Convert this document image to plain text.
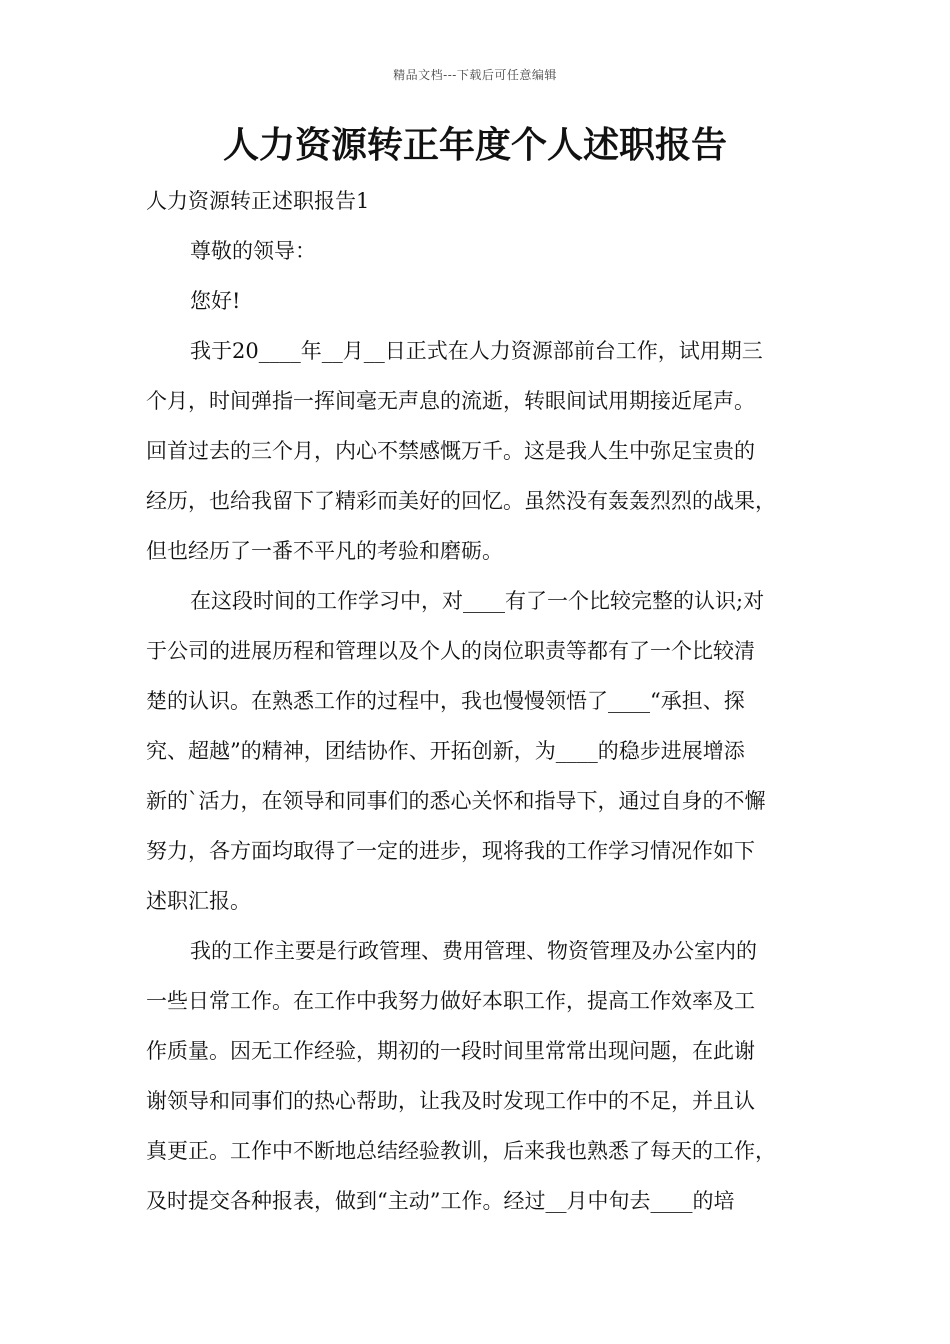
精品文档---下载后可任意编辑
人力资源转正年度个人述职报告

人力资源转正述职报告1

尊敬的领导：

您好!

我于20____年__月__日正式在人力资源部前台工作，试用期三

个月，时间弹指一挥间毫无声息的流逝，转眼间试用期接近尾声。

回首过去的三个月，内心不禁感慨万千。这是我人生中弥足宝贵的

经历，也给我留下了精彩而美好的回忆。虽然没有轰轰烈烈的战果，

但也经历了一番不平凡的考验和磨砺。

在这段时间的工作学习中，对____有了一个比较完整的认识;对

于公司的进展历程和管理以及个人的岗位职责等都有了一个比较清

楚的认识。在熟悉工作的过程中，我也慢慢领悟了____“承担、探

究、超越”的精神，团结协作、开拓创新，为____的稳步进展增添

新的`活力，在领导和同事们的悉心关怀和指导下，通过自身的不懈

努力，各方面均取得了一定的进步，现将我的工作学习情况作如下

述职汇报。

我的工作主要是行政管理、费用管理、物资管理及办公室内的

一些日常工作。在工作中我努力做好本职工作，提高工作效率及工

作质量。因无工作经验，期初的一段时间里常常出现问题，在此谢

谢领导和同事们的热心帮助，让我及时发现工作中的不足，并且认

真更正。工作中不断地总结经验教训，后来我也熟悉了每天的工作，

及时提交各种报表，做到“主动”工作。经过__月中旬去____的培
